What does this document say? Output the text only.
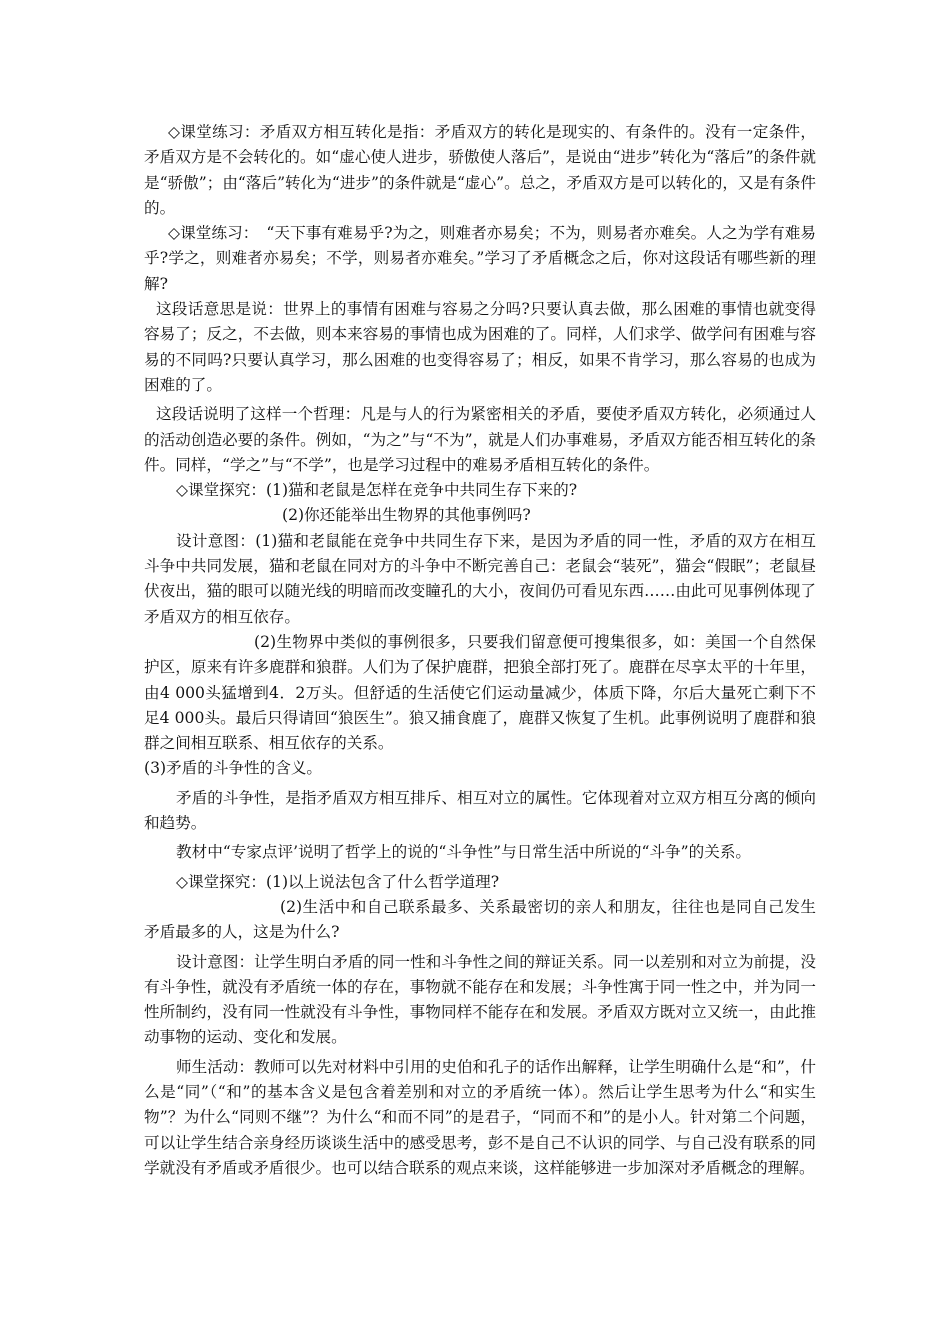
◇课堂练习：矛盾双方相互转化是指：矛盾双方的转化是现实的、有条件的。没有一定条件，矛盾双方是不会转化的。如“虚心使人进步，骄傲使人落后”，是说由“进步”转化为“落后”的条件就是“骄傲”；由“落后”转化为“进步”的条件就是“虚心”。总之，矛盾双方是可以转化的，又是有条件的。

◇课堂练习：　“天下事有难易乎?为之，则难者亦易矣；不为，则易者亦难矣。人之为学有难易乎?学之，则难者亦易矣；不学，则易者亦难矣。”学习了矛盾概念之后，你对这段话有哪些新的理解?

这段话意思是说：世界上的事情有困难与容易之分吗?只要认真去做，那么困难的事情也就变得容易了；反之，不去做，则本来容易的事情也成为困难的了。同样，人们求学、做学问有困难与容易的不同吗?只要认真学习，那么困难的也变得容易了；相反，如果不肯学习，那么容易的也成为困难的了。

这段话说明了这样一个哲理：凡是与人的行为紧密相关的矛盾，要使矛盾双方转化，必须通过人的活动创造必要的条件。例如，“为之”与“不为”，就是人们办事难易，矛盾双方能否相互转化的条件。同样，“学之”与“不学”，也是学习过程中的难易矛盾相互转化的条件。

◇课堂探究：(1)猫和老鼠是怎样在竞争中共同生存下来的?

(2)你还能举出生物界的其他事例吗?

设计意图：(1)猫和老鼠能在竞争中共同生存下来，是因为矛盾的同一性，矛盾的双方在相互斗争中共同发展，猫和老鼠在同对方的斗争中不断完善自己：老鼠会“装死”，猫会“假眠”；老鼠昼伏夜出，猫的眼可以随光线的明暗而改变瞳孔的大小，夜间仍可看见东西……由此可见事例体现了矛盾双方的相互依存。

(2)生物界中类似的事例很多，只要我们留意便可搜集很多，如：美国一个自然保护区，原来有许多鹿群和狼群。人们为了保护鹿群，把狼全部打死了。鹿群在尽享太平的十年里，由4 000头猛增到4．2万头。但舒适的生活使它们运动量减少，体质下降，尔后大量死亡剩下不足4 000头。最后只得请回“狼医生”。狼又捕食鹿了，鹿群又恢复了生机。此事例说明了鹿群和狼群之间相互联系、相互依存的关系。

(3)矛盾的斗争性的含义。

矛盾的斗争性，是指矛盾双方相互排斥、相互对立的属性。它体现着对立双方相互分离的倾向和趋势。

教材中“专家点评’说明了哲学上的说的“斗争性”与日常生活中所说的“斗争”的关系。

◇课堂探究：(1)以上说法包含了什么哲学道理?

(2)生活中和自己联系最多、关系最密切的亲人和朋友，往往也是同自己发生矛盾最多的人，这是为什么?

设计意图：让学生明白矛盾的同一性和斗争性之间的辩证关系。同一以差别和对立为前提，没有斗争性，就没有矛盾统一体的存在，事物就不能存在和发展；斗争性寓于同一性之中，并为同一性所制约，没有同一性就没有斗争性，事物同样不能存在和发展。矛盾双方既对立又统一，由此推动事物的运动、变化和发展。

师生活动：教师可以先对材料中引用的史伯和孔子的话作出解释，让学生明确什么是“和”，什么是“同”（“和”的基本含义是包含着差别和对立的矛盾统一体）。然后让学生思考为什么“和实生物”？为什么“同则不继”？为什么“和而不同”的是君子，“同而不和”的是小人。针对第二个问题，可以让学生结合亲身经历谈谈生活中的感受思考，彭不是自己不认识的同学、与自己没有联系的同学就没有矛盾或矛盾很少。也可以结合联系的观点来谈，这样能够进一步加深对矛盾概念的理解。
